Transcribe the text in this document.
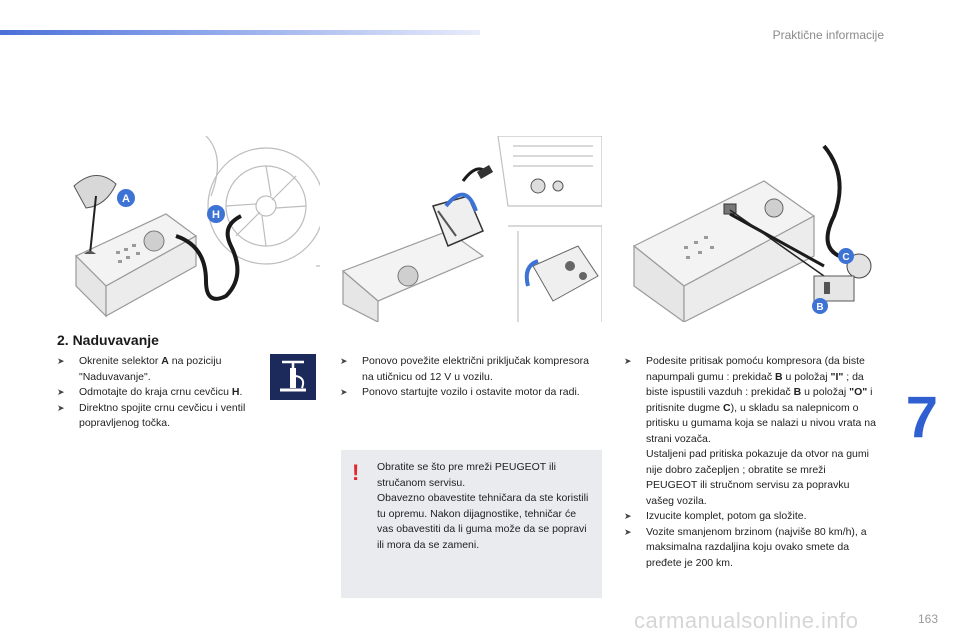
Praktične informacije
A
H
C
B
2. Naduvavanje
➤ Okrenite selektor A na poziciju "Naduvavanje".
➤ Odmotajte do kraja crnu cevčicu H.
➤ Direktno spojite crnu cevčicu i ventil popravljenog točka.
➤ Ponovo povežite električni priključak kompresora na utičnicu od 12 V u vozilu.
➤ Ponovo startujte vozilo i ostavite motor da radi.
! Obratite se što pre mreži PEUGEOT ili stručanom servisu.
Obavezno obavestite tehničara da ste koristili tu opremu. Nakon dijagnostike, tehničar će vas obavestiti da li guma može da se popravi ili mora da se zameni.
➤ Podesite pritisak pomoću kompresora (da biste napumpali gumu : prekidač B u položaj "I" ; da biste ispustili vazduh : prekidač B u položaj "O" i pritisnite dugme C), u skladu sa nalepnicom o pritisku u gumama koja se nalazi u nivou vrata na strani vozača.
Ustaljeni pad pritiska pokazuje da otvor na gumi nije dobro začepljen ; obratite se mreži PEUGEOT ili stručnom servisu za popravku vašeg vozila.
➤ Izvucite komplet, potom ga složite.
➤ Vozite smanjenom brzinom (najviše 80 km/h), a maksimalna razdaljina koju ovako smete da pređete je 200 km.
7
carmanualsonline.info	163
